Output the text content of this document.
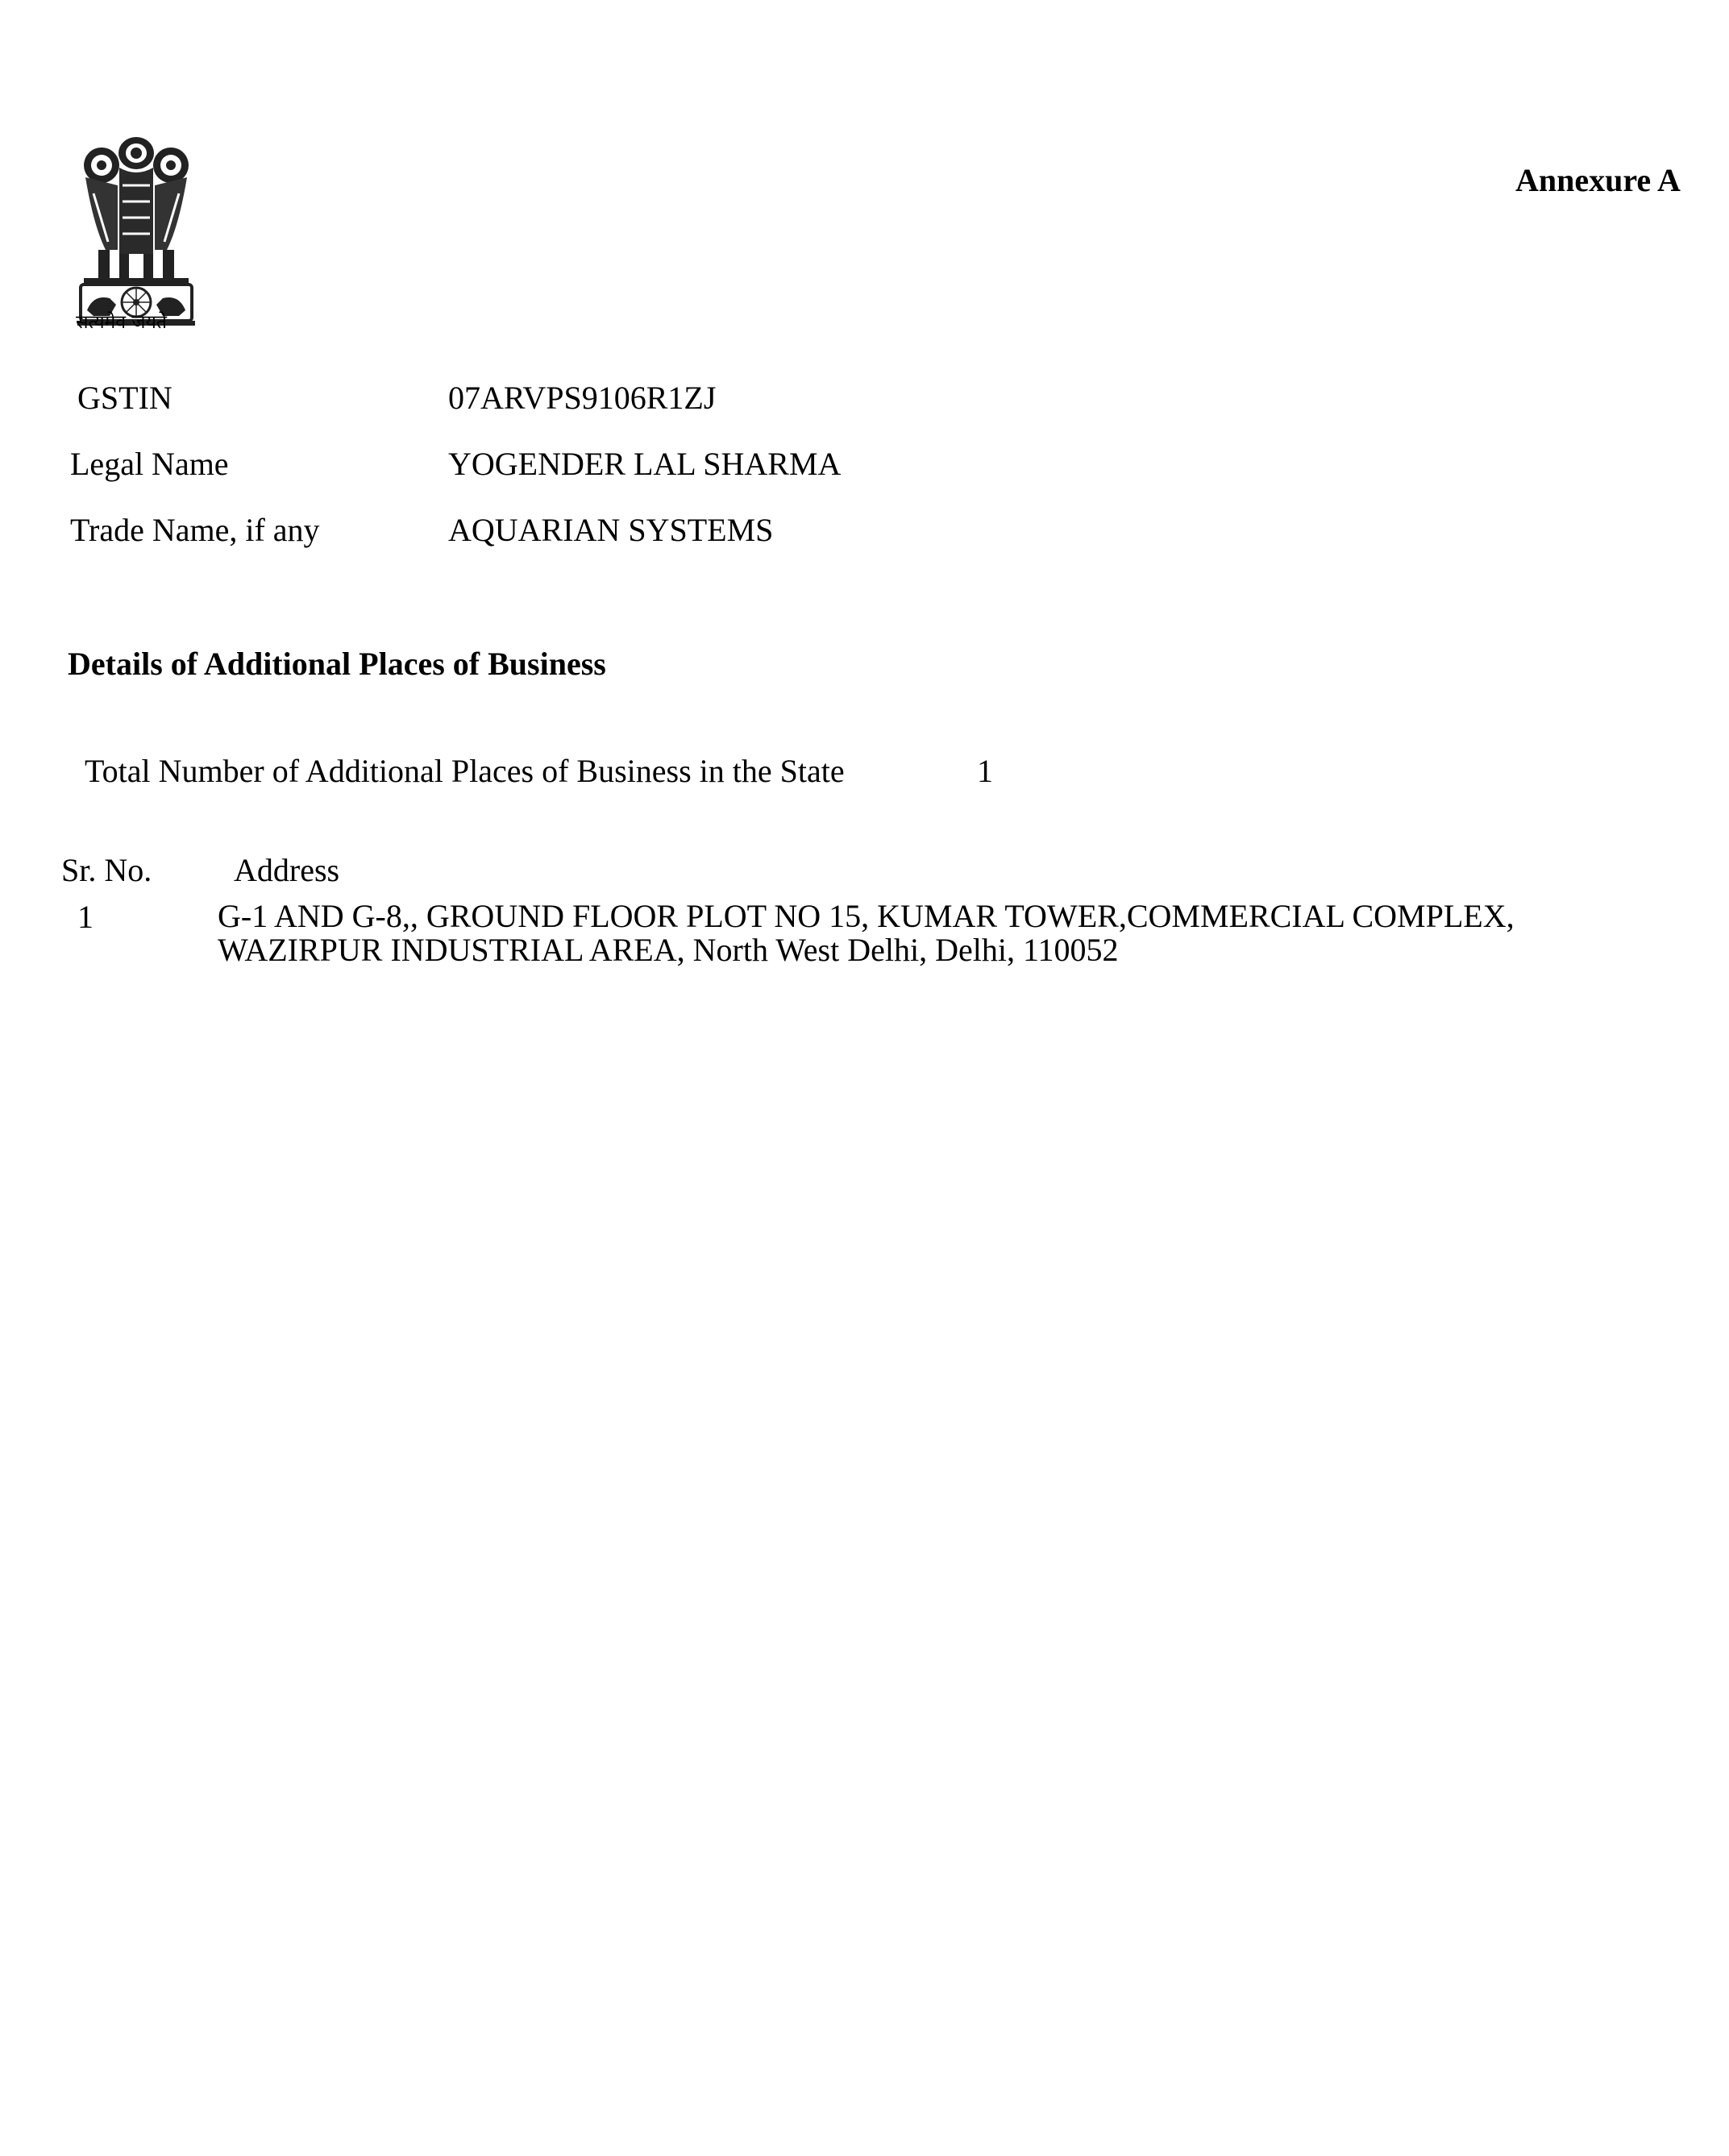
सत्यमेव जयते
Annexure A
GSTIN	07ARVPS9106R1ZJ
Legal Name	YOGENDER LAL SHARMA
Trade Name, if any	AQUARIAN SYSTEMS
Details of Additional Places of Business
Total Number of Additional Places of Business in the State	1
Sr. No.	Address
1	G-1 AND G-8,, GROUND FLOOR PLOT NO 15, KUMAR TOWER,COMMERCIAL COMPLEX,
WAZIRPUR INDUSTRIAL AREA, North West Delhi, Delhi, 110052
